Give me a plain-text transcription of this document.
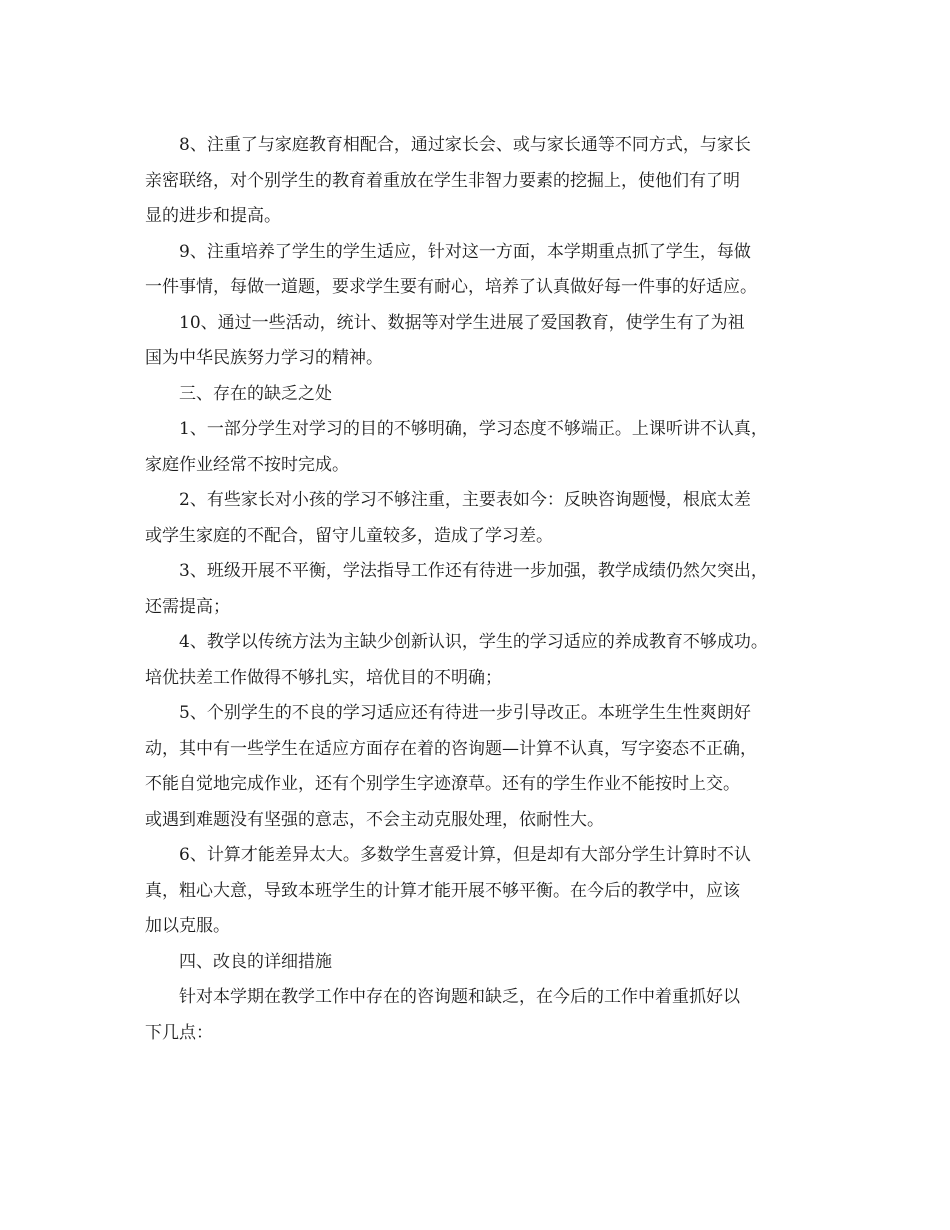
8、注重了与家庭教育相配合，通过家长会、或与家长通等不同方式，与家长
亲密联络，对个别学生的教育着重放在学生非智力要素的挖掘上，使他们有了明
显的进步和提高。
9、注重培养了学生的学生适应，针对这一方面，本学期重点抓了学生，每做
一件事情，每做一道题，要求学生要有耐心，培养了认真做好每一件事的好适应。
10、通过一些活动，统计、数据等对学生进展了爱国教育，使学生有了为祖
国为中华民族努力学习的精神。
三、存在的缺乏之处
1、一部分学生对学习的目的不够明确，学习态度不够端正。上课听讲不认真，
家庭作业经常不按时完成。
2、有些家长对小孩的学习不够注重，主要表如今：反映咨询题慢，根底太差
或学生家庭的不配合，留守儿童较多，造成了学习差。
3、班级开展不平衡，学法指导工作还有待进一步加强，教学成绩仍然欠突出，
还需提高；
4、教学以传统方法为主缺少创新认识，学生的学习适应的养成教育不够成功。
培优扶差工作做得不够扎实，培优目的不明确；
5、个别学生的不良的学习适应还有待进一步引导改正。本班学生生性爽朗好
动，其中有一些学生在适应方面存在着的咨询题—计算不认真，写字姿态不正确，
不能自觉地完成作业，还有个别学生字迹潦草。还有的学生作业不能按时上交。
或遇到难题没有坚强的意志，不会主动克服处理，依耐性大。
6、计算才能差异太大。多数学生喜爱计算，但是却有大部分学生计算时不认
真，粗心大意，导致本班学生的计算才能开展不够平衡。在今后的教学中，应该
加以克服。
四、改良的详细措施
针对本学期在教学工作中存在的咨询题和缺乏，在今后的工作中着重抓好以
下几点：
